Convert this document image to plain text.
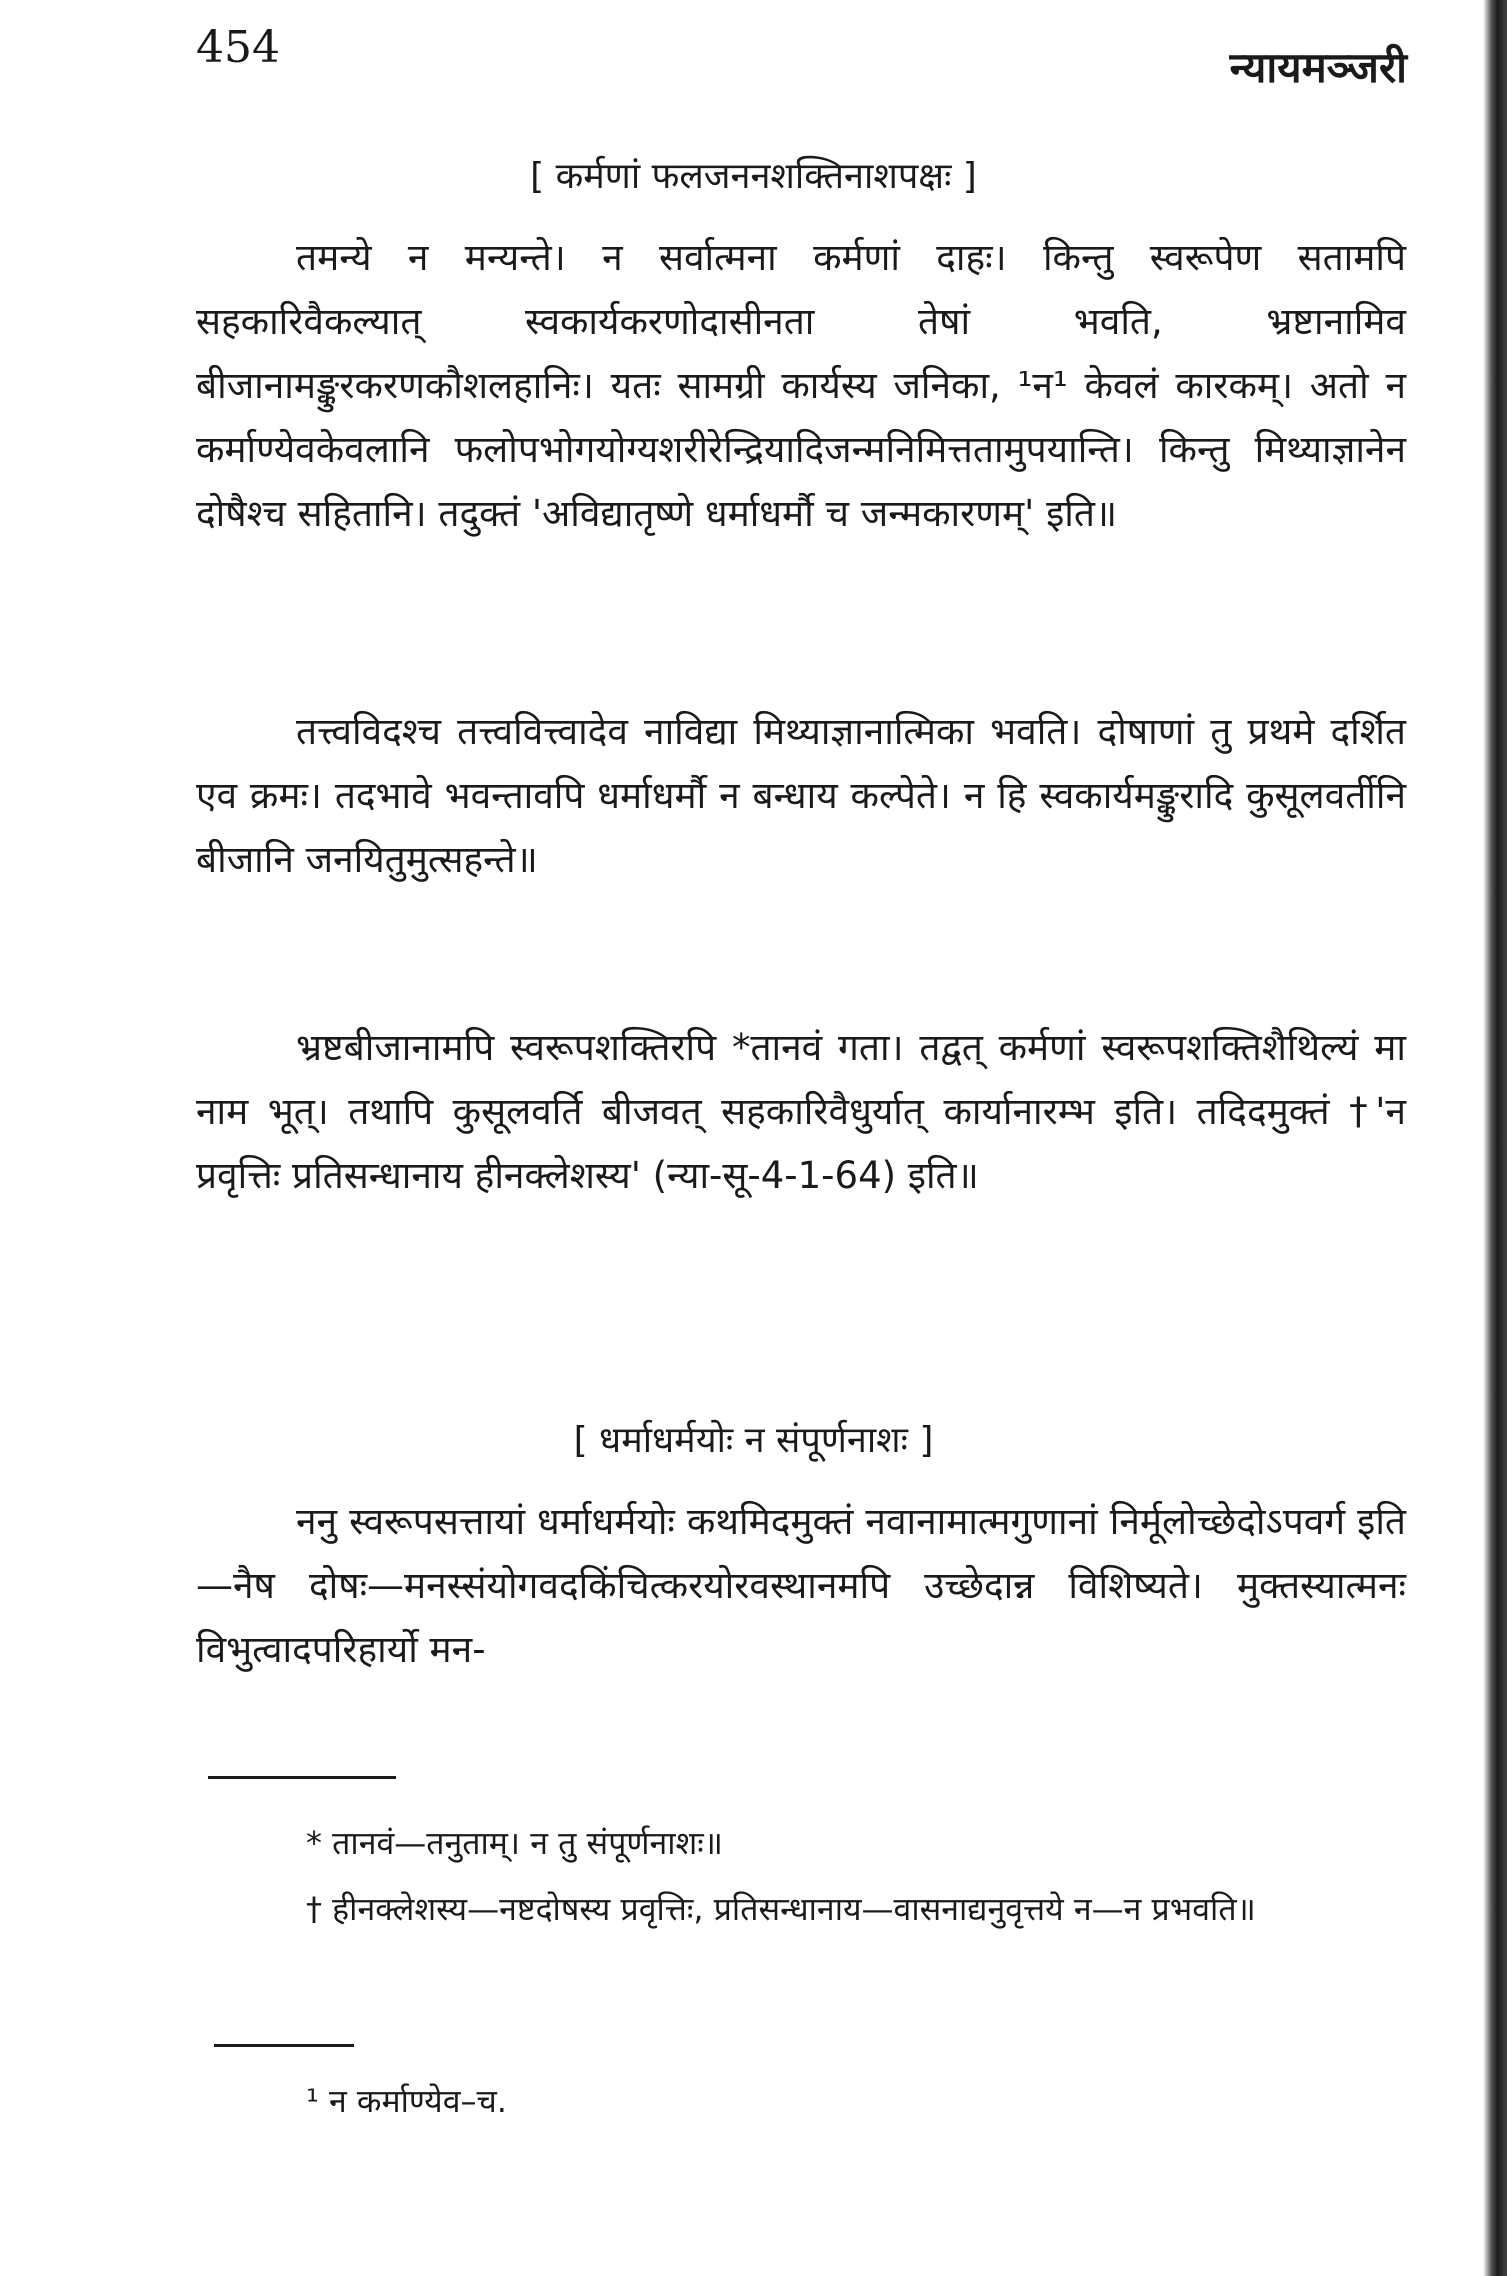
454	न्यायमञ्जरी
[ कर्मणां फलजननशक्तिनाशपक्षः ]

तमन्ये न मन्यन्ते। न सर्वात्मना कर्मणां दाहः। किन्तु स्वरूपेण सतामपि सहकारिवैकल्यात् स्वकार्यकरणोदासीनता तेषां भवति, भ्रष्टानामिव बीजानामङ्कुरकरणकौशलहानिः। यतः सामग्री कार्यस्य जनिका, ¹न¹ केवलं कारकम्। अतो न कर्माण्येवकेवलानि फलोपभोगयोग्यशरीरेन्द्रियादिजन्मनिमित्ततामुपयान्ति। किन्तु मिथ्याज्ञानेन दोषैश्च सहितानि। तदुक्तं 'अविद्यातृष्णे धर्माधर्मौ च जन्मकारणम्' इति॥

तत्त्वविदश्च तत्त्ववित्त्वादेव नाविद्या मिथ्याज्ञानात्मिका भवति। दोषाणां तु प्रथमे दर्शित एव क्रमः। तदभावे भवन्तावपि धर्माधर्मौ न बन्धाय कल्पेते। न हि स्वकार्यमङ्कुरादि कुसूलवर्तीनि बीजानि जनयितुमुत्सहन्ते॥

भ्रष्टबीजानामपि स्वरूपशक्तिरपि *तानवं गता। तद्वत् कर्मणां स्वरूपशक्तिशैथिल्यं मा नाम भूत्। तथापि कुसूलवर्ति बीजवत् सहकारिवैधुर्यात् कार्यानारम्भ इति। तदिदमुक्तं †'न प्रवृत्तिः प्रतिसन्धानाय हीनक्लेशस्य' (न्या-सू-4-1-64) इति॥

[ धर्माधर्मयोः न संपूर्णनाशः ]

ननु स्वरूपसत्तायां धर्माधर्मयोः कथमिदमुक्तं नवानामात्मगुणानां निर्मूलोच्छेदोऽपवर्ग इति—नैष दोषः—मनस्संयोगवदकिंचित्करयोरवस्थानमपि उच्छेदान्न विशिष्यते। मुक्तस्यात्मनः विभुत्वादपरिहार्यो मन-

* तानवं—तनुताम्। न तु संपूर्णनाशः॥
† हीनक्लेशस्य—नष्टदोषस्य प्रवृत्तिः, प्रतिसन्धानाय—वासनाद्यनुवृत्तये न—न प्रभवति॥
¹ न कर्माण्येव–च.
